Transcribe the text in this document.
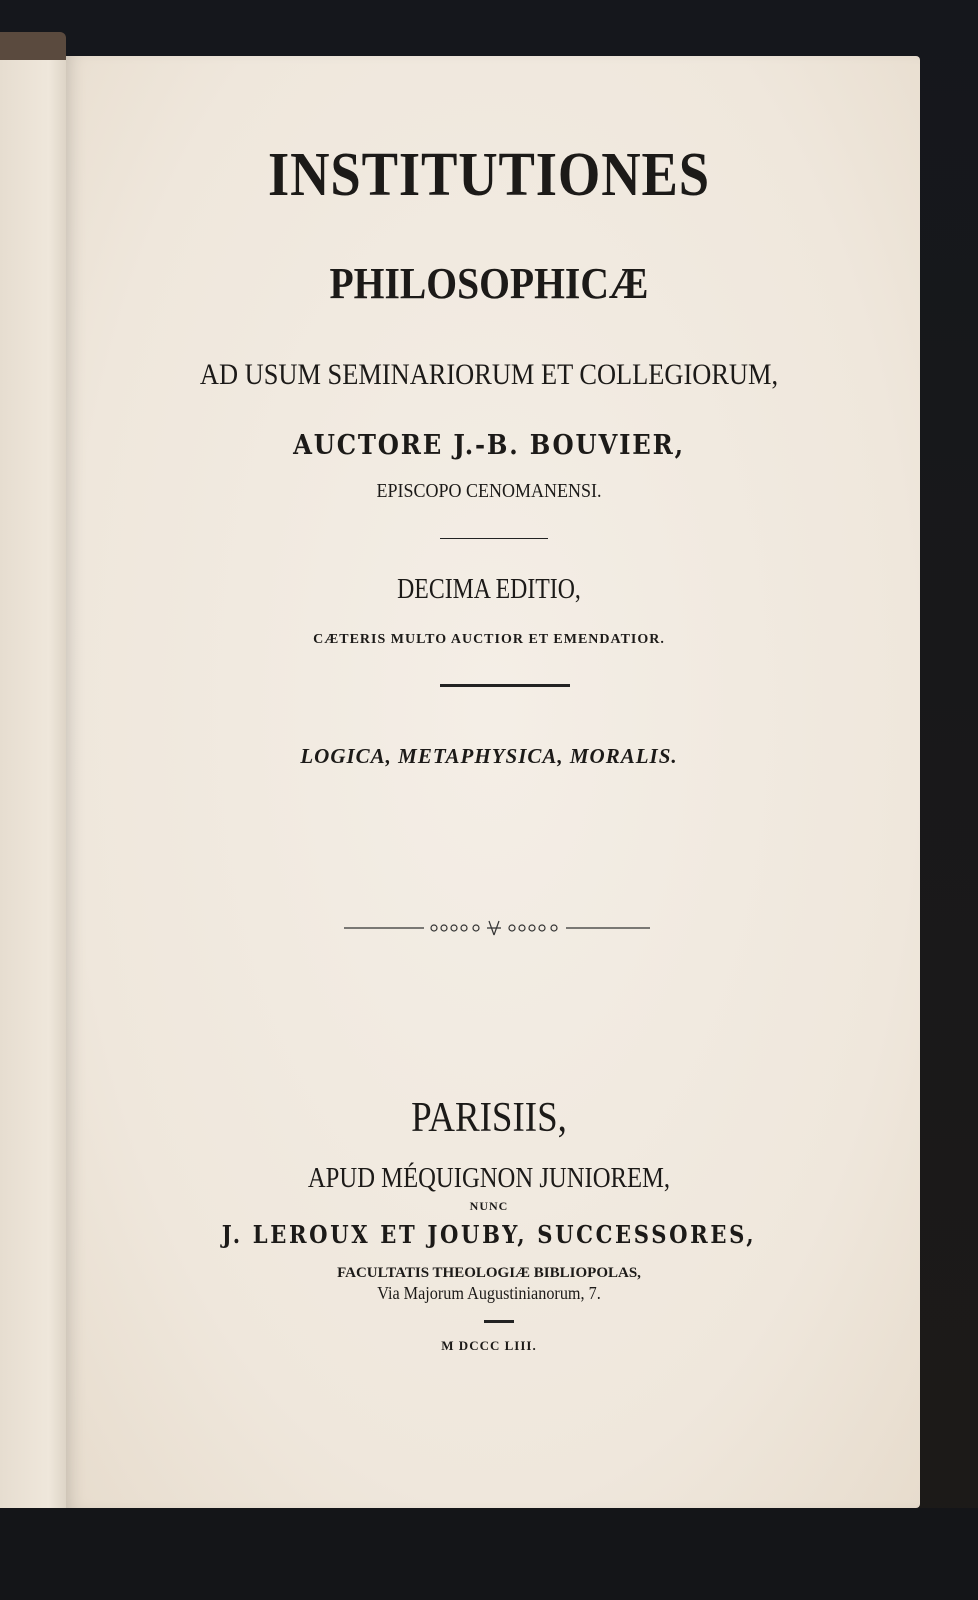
INSTITUTIONES
PHILOSOPHICÆ
AD USUM SEMINARIORUM ET COLLEGIORUM,
AUCTORE J.-B. BOUVIER,
EPISCOPO CENOMANENSI.
DECIMA EDITIO,
CÆTERIS MULTO AUCTIOR ET EMENDATIOR.
LOGICA, METAPHYSICA, MORALIS.
PARISIIS,
APUD MÉQUIGNON JUNIOREM,
NUNC
J. LEROUX ET JOUBY, SUCCESSORES,
FACULTATIS THEOLOGIÆ BIBLIOPOLAS,
Via Majorum Augustinianorum, 7.
M DCCC LIII.
